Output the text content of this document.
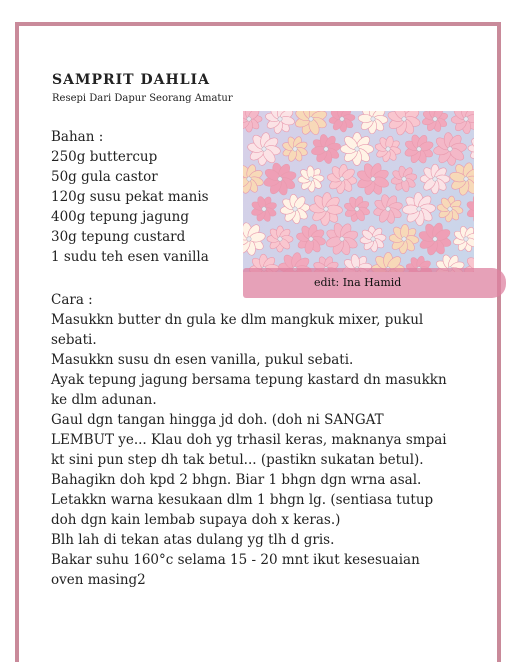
SAMPRIT DAHLIA
Resepi Dari Dapur Seorang Amatur
edit: Ina Hamid
Bahan :
250g buttercup
50g gula castor
120g susu pekat manis
400g tepung jagung
30g tepung custard
1 sudu teh esen vanilla
Cara :
Masukkn butter dn gula ke dlm mangkuk mixer, pukul
sebati.
Masukkn susu dn esen vanilla, pukul sebati.
Ayak tepung jagung bersama tepung kastard dn masukkn
ke dlm adunan.
Gaul dgn tangan hingga jd doh. (doh ni SANGAT
LEMBUT ye... Klau doh yg trhasil keras, maknanya smpai
kt sini pun step dh tak betul... (pastikn sukatan betul).
Bahagikn doh kpd 2 bhgn. Biar 1 bhgn dgn wrna asal.
Letakkn warna kesukaan dlm 1 bhgn lg. (sentiasa tutup
doh dgn kain lembab supaya doh x keras.)
Blh lah di tekan atas dulang yg tlh d gris.
Bakar suhu 160°c selama 15 - 20 mnt ikut kesesuaian
oven masing2
